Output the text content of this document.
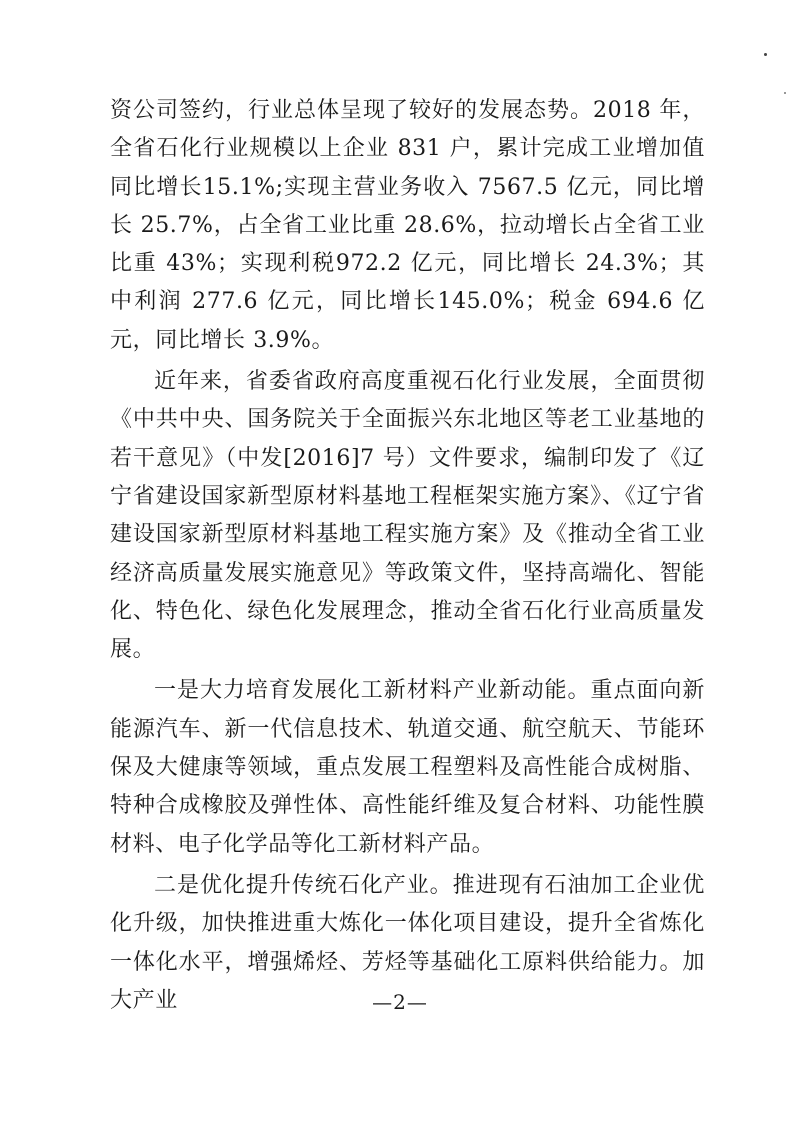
资公司签约，行业总体呈现了较好的发展态势。2018 年，全省石化行业规模以上企业 831 户，累计完成工业增加值同比增长15.1%;实现主营业务收入 7567.5 亿元，同比增长 25.7%，占全省工业比重 28.6%，拉动增长占全省工业比重 43%；实现利税972.2 亿元，同比增长 24.3%；其中利润 277.6 亿元，同比增长145.0%；税金 694.6 亿元，同比增长 3.9%。

近年来，省委省政府高度重视石化行业发展，全面贯彻《中共中央、国务院关于全面振兴东北地区等老工业基地的若干意见》（中发[2016]7 号）文件要求，编制印发了《辽宁省建设国家新型原材料基地工程框架实施方案》、《辽宁省建设国家新型原材料基地工程实施方案》及《推动全省工业经济高质量发展实施意见》等政策文件，坚持高端化、智能化、特色化、绿色化发展理念，推动全省石化行业高质量发展。

一是大力培育发展化工新材料产业新动能。重点面向新能源汽车、新一代信息技术、轨道交通、航空航天、节能环保及大健康等领域，重点发展工程塑料及高性能合成树脂、特种合成橡胶及弹性体、高性能纤维及复合材料、功能性膜材料、电子化学品等化工新材料产品。

二是优化提升传统石化产业。推进现有石油加工企业优化升级，加快推进重大炼化一体化项目建设，提升全省炼化一体化水平，增强烯烃、芳烃等基础化工原料供给能力。加大产业	—2—
